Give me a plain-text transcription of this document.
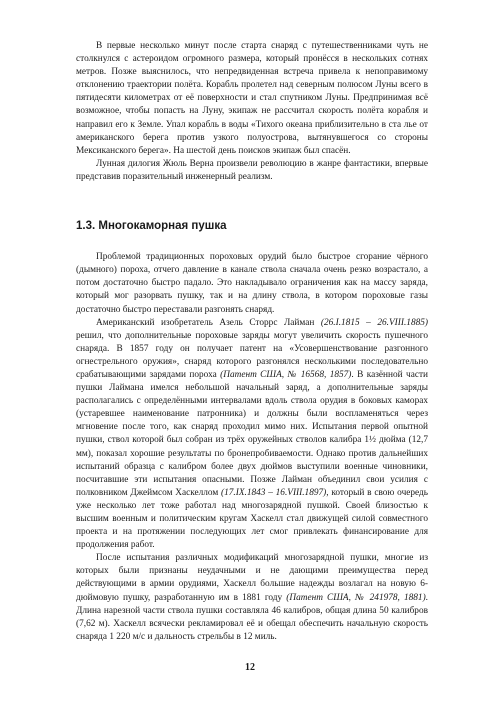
В первые несколько минут после старта снаряд с путешественниками чуть не столкнулся с астероидом огромного размера, который пронёсся в нескольких сотнях метров. Позже выяснилось, что непредвиденная встреча привела к непоправимому отклонению траектории полёта. Корабль пролетел над северным полюсом Луны всего в пятидесяти километрах от её поверхности и стал спутником Луны. Предпринимая всё возможное, чтобы попасть на Луну, экипаж не рассчитал скорость полёта корабля и направил его к Земле. Упал корабль в воды «Тихого океана приблизительно в ста лье от американского берега против узкого полуострова, вытянувшегося со стороны Мексиканского берега». На шестой день поисков экипаж был спасён.

Лунная дилогия Жюль Верна произвели революцию в жанре фантастики, впервые представив поразительный инженерный реализм.

1.3. Многокаморная пушка

Проблемой традиционных пороховых орудий было быстрое сгорание чёрного (дымного) пороха, отчего давление в канале ствола сначала очень резко возрастало, а потом достаточно быстро падало. Это накладывало ограничения как на массу заряда, который мог разорвать пушку, так и на длину ствола, в котором пороховые газы достаточно быстро переставали разгонять снаряд.

Американский изобретатель Азель Сторрс Лайман (26.I.1815 – 26.VIII.1885) решил, что дополнительные пороховые заряды могут увеличить скорость пушечного снаряда. В 1857 году он получает патент на «Усовершенствование разгонного огнестрельного оружия», снаряд которого разгонялся несколькими последовательно срабатывающими зарядами пороха (Патент США, № 16568, 1857). В казённой части пушки Лаймана имелся небольшой начальный заряд, а дополнительные заряды располагались с определёнными интервалами вдоль ствола орудия в боковых каморах (устаревшее наименование патронника) и должны были воспламеняться через мгновение после того, как снаряд проходил мимо них. Испытания первой опытной пушки, ствол которой был собран из трёх оружейных стволов калибра 1½ дюйма (12,7 мм), показал хорошие результаты по бронепробиваемости. Однако против дальнейших испытаний образца с калибром более двух дюймов выступили военные чиновники, посчитавшие эти испытания опасными. Позже Лайман объединил свои усилия с полковником Джеймсом Хаскеллом (17.IX.1843 – 16.VIII.1897), который в свою очередь уже несколько лет тоже работал над многозарядной пушкой. Своей близостью к высшим военным и политическим кругам Хаскелл стал движущей силой совместного проекта и на протяжении последующих лет смог привлекать финансирование для продолжения работ.

После испытания различных модификаций многозарядной пушки, многие из которых были признаны неудачными и не дающими преимущества перед действующими в армии орудиями, Хаскелл большие надежды возлагал на новую 6-дюймовую пушку, разработанную им в 1881 году (Патент США, № 241978, 1881). Длина нарезной части ствола пушки составляла 46 калибров, общая длина 50 калибров (7,62 м). Хаскелл всячески рекламировал её и обещал обеспечить начальную скорость снаряда 1 220 м/с и дальность стрельбы в 12 миль.

12
